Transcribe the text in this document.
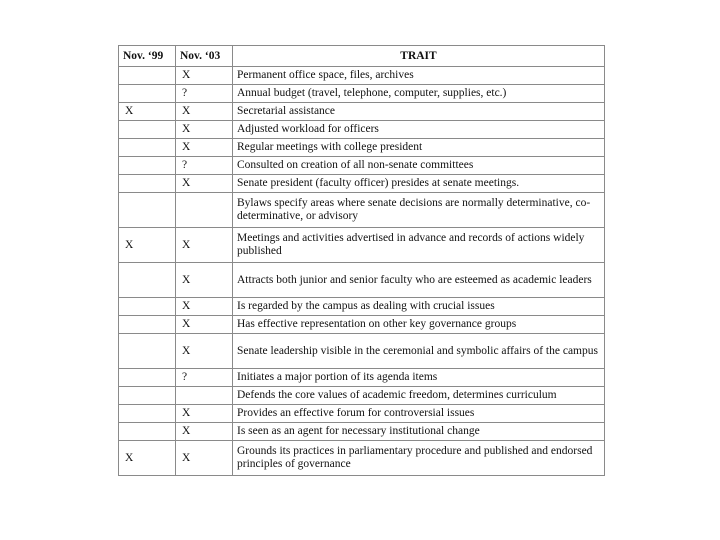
Nov. ‘99	Nov. ‘03	TRAIT
	X	Permanent office space, files, archives
	?	Annual budget (travel, telephone, computer, supplies, etc.)
X	X	Secretarial assistance
	X	Adjusted workload for officers
	X	Regular meetings with college president
	?	Consulted on creation of all non-senate committees
	X	Senate president (faculty officer) presides at senate meetings.
		Bylaws specify areas where senate decisions are normally determinative, co-determinative, or advisory
X	X	Meetings and activities advertised in advance and records of actions widely published
	X	Attracts both junior and senior faculty who are esteemed as academic leaders
	X	Is regarded by the campus as dealing with crucial issues
	X	Has effective representation on other key governance groups
	X	Senate leadership visible in the ceremonial and symbolic affairs of the campus
	?	Initiates a major portion of its agenda items
		Defends the core values of academic freedom, determines curriculum
	X	Provides an effective forum for controversial issues
	X	Is seen as an agent for necessary institutional change
X	X	Grounds its practices in parliamentary procedure and published and endorsed principles of governance
